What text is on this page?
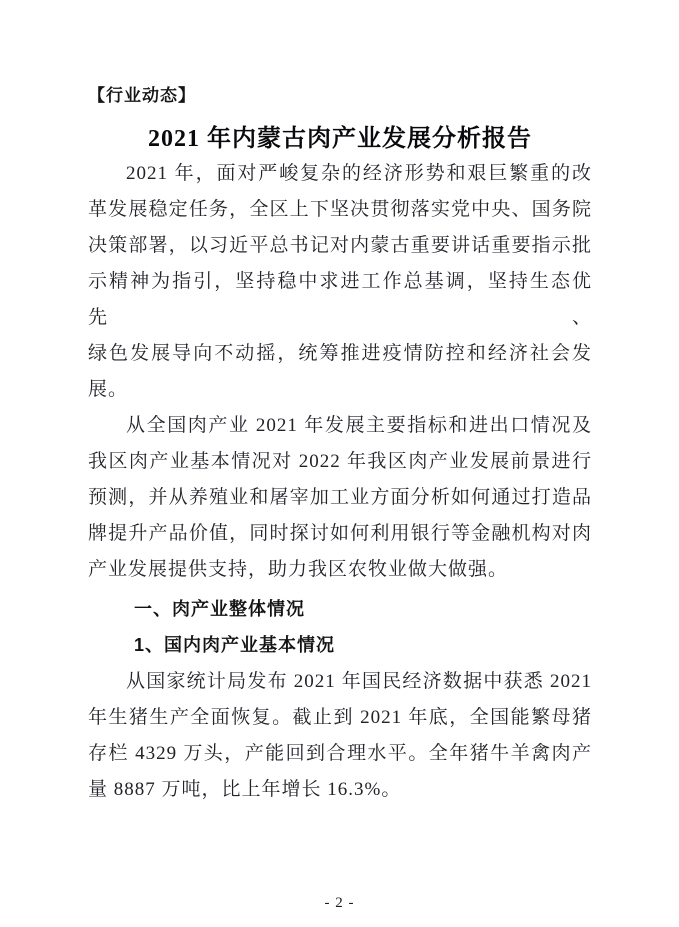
【行业动态】
2021 年内蒙古肉产业发展分析报告
2021 年，面对严峻复杂的经济形势和艰巨繁重的改
革发展稳定任务，全区上下坚决贯彻落实党中央、国务院
决策部署，以习近平总书记对内蒙古重要讲话重要指示批
示精神为指引，坚持稳中求进工作总基调，坚持生态优先、
绿色发展导向不动摇，统筹推进疫情防控和经济社会发
展。
从全国肉产业 2021 年发展主要指标和进出口情况及
我区肉产业基本情况对 2022 年我区肉产业发展前景进行
预测，并从养殖业和屠宰加工业方面分析如何通过打造品
牌提升产品价值，同时探讨如何利用银行等金融机构对肉
产业发展提供支持，助力我区农牧业做大做强。
一、肉产业整体情况
1、国内肉产业基本情况
从国家统计局发布 2021 年国民经济数据中获悉 2021
年生猪生产全面恢复。截止到 2021 年底，全国能繁母猪
存栏 4329 万头，产能回到合理水平。全年猪牛羊禽肉产
量 8887 万吨，比上年增长 16.3%。
- 2 -
